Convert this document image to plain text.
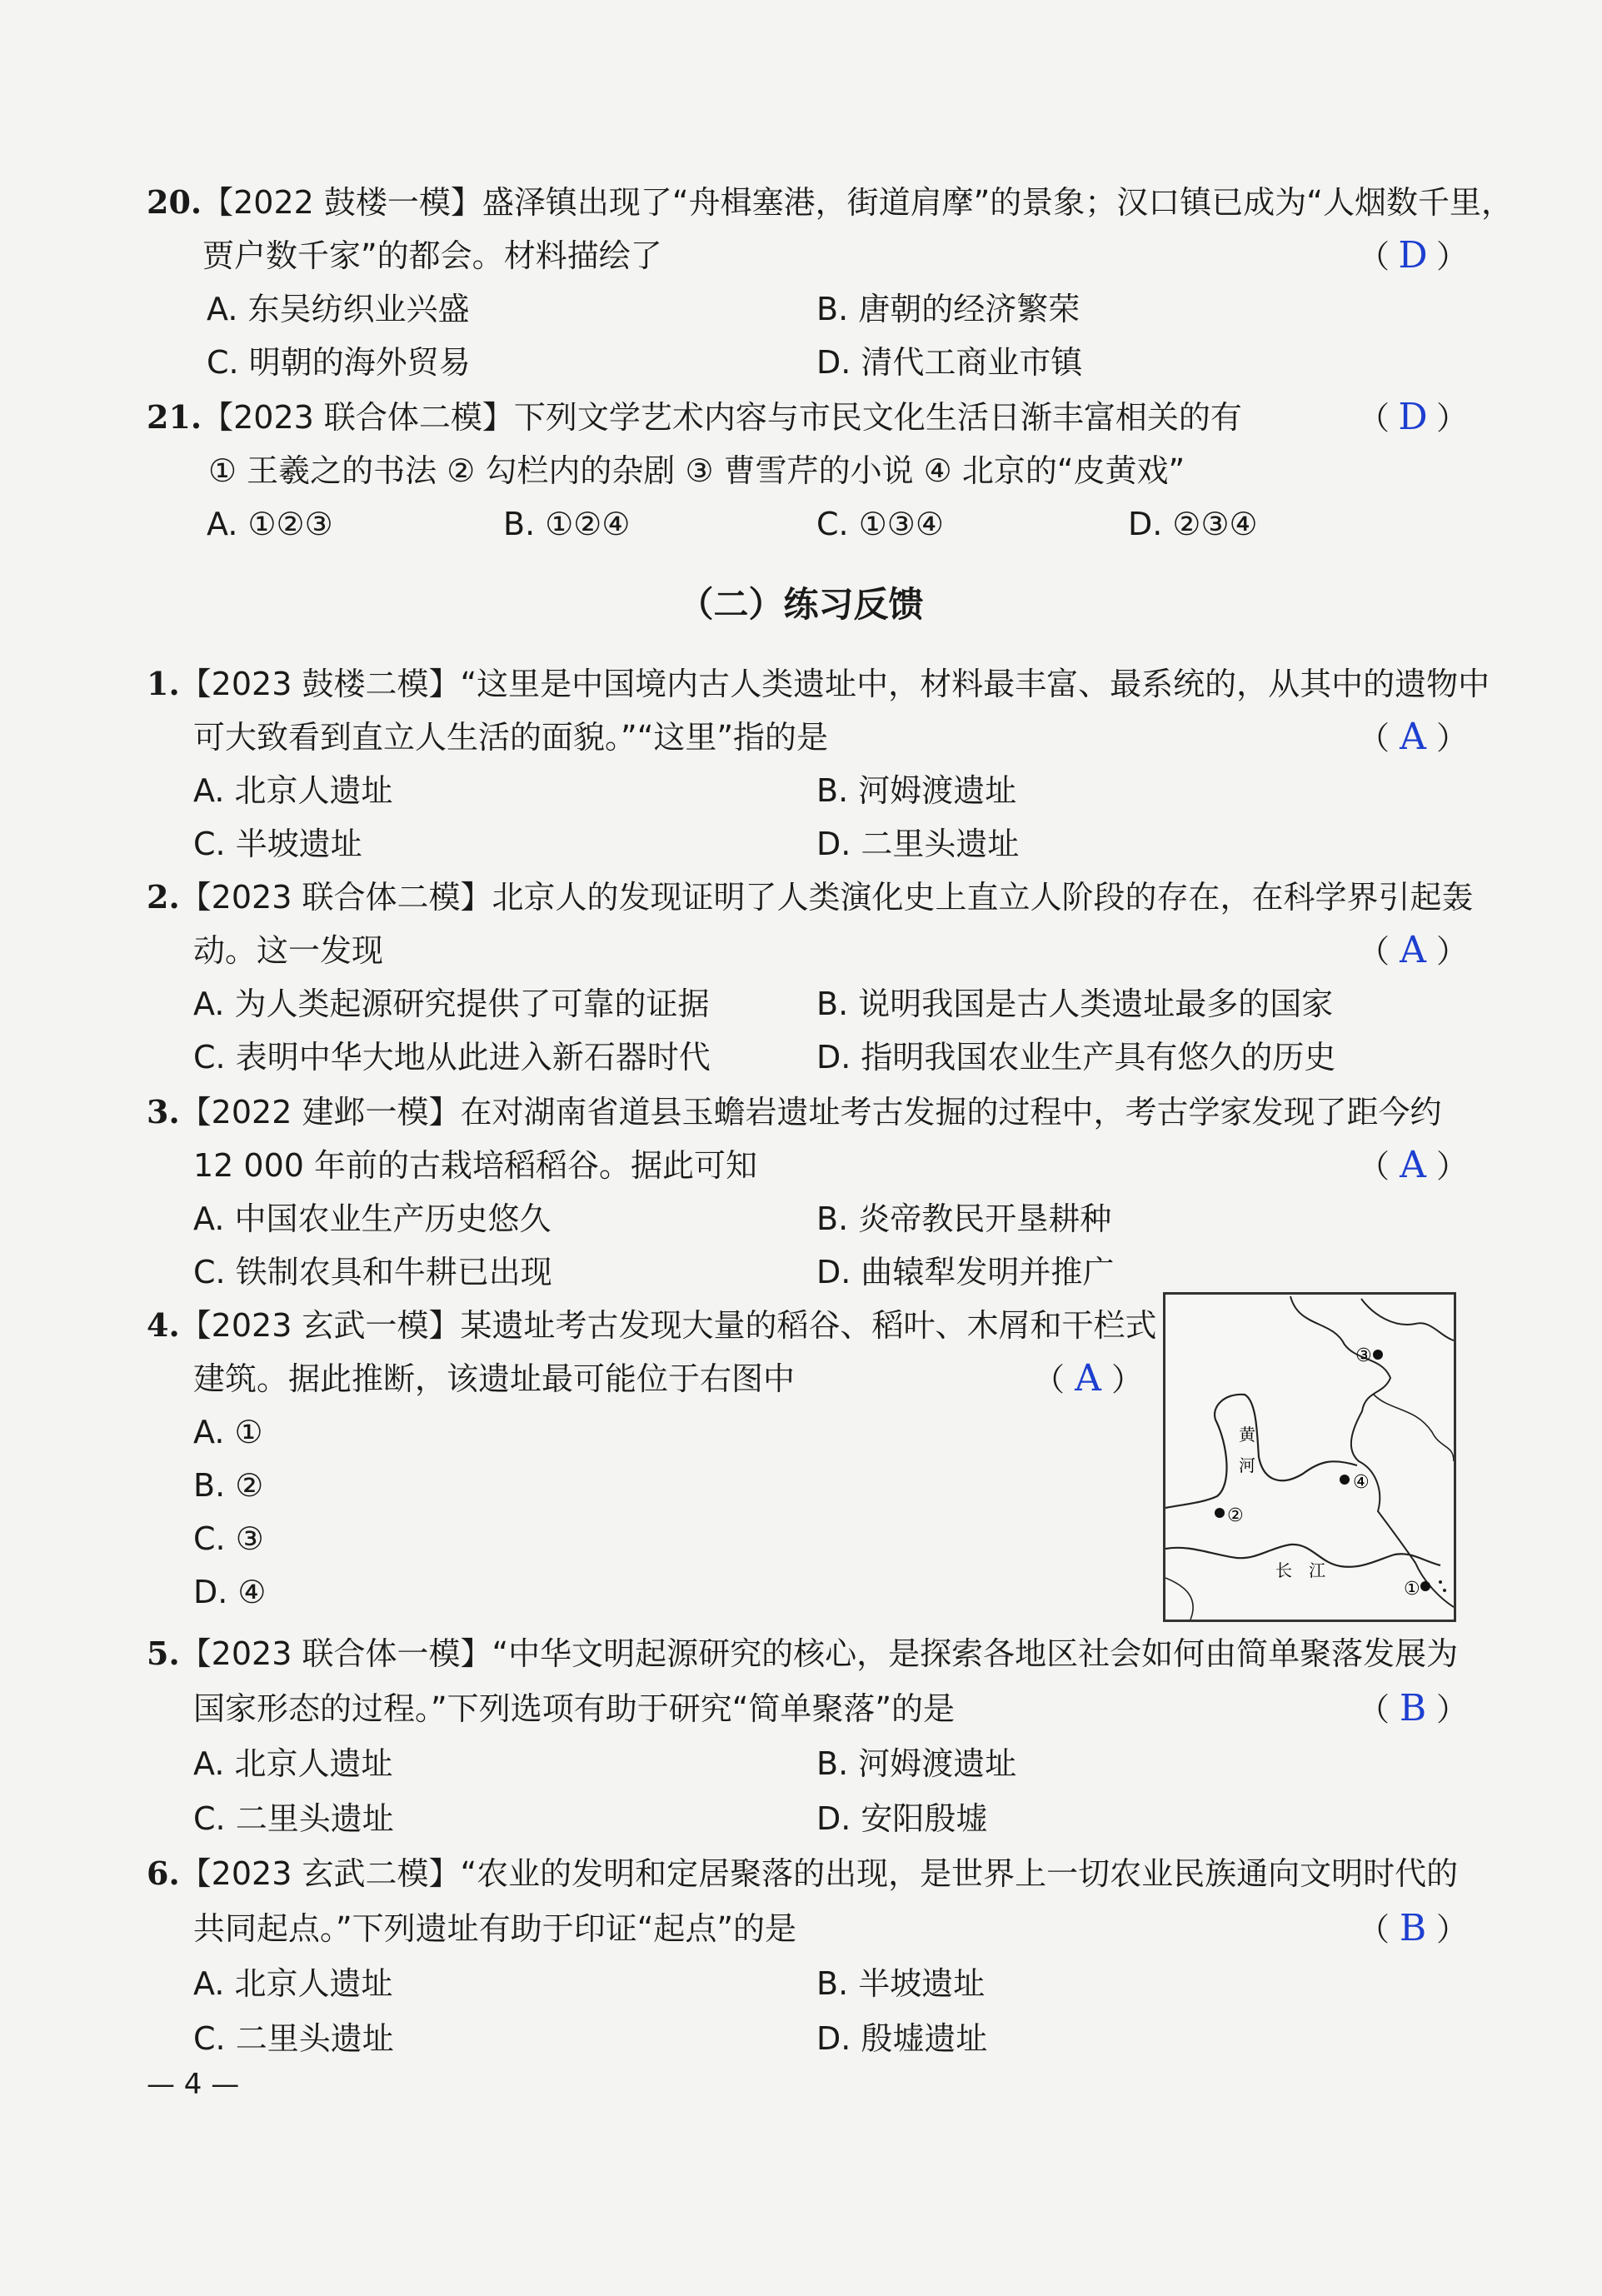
20.【2022 鼓楼一模】盛泽镇出现了“舟楫塞港，街道肩摩”的景象；汉口镇已成为“人烟数千里，
贾户数千家”的都会。材料描绘了	（ D ）
A. 东吴纺织业兴盛	B. 唐朝的经济繁荣
C. 明朝的海外贸易	D. 清代工商业市镇
21.【2023 联合体二模】下列文学艺术内容与市民文化生活日渐丰富相关的有	（ D ）
① 王羲之的书法 ② 勾栏内的杂剧 ③ 曹雪芹的小说 ④ 北京的“皮黄戏”
A. ①②③	B. ①②④	C. ①③④	D. ②③④
（二）练习反馈
1.【2023 鼓楼二模】“这里是中国境内古人类遗址中，材料最丰富、最系统的，从其中的遗物中
可大致看到直立人生活的面貌。”“这里”指的是	（ A ）
A. 北京人遗址	B. 河姆渡遗址
C. 半坡遗址	D. 二里头遗址
2.【2023 联合体二模】北京人的发现证明了人类演化史上直立人阶段的存在，在科学界引起轰
动。这一发现	（ A ）
A. 为人类起源研究提供了可靠的证据	B. 说明我国是古人类遗址最多的国家
C. 表明中华大地从此进入新石器时代	D. 指明我国农业生产具有悠久的历史
3.【2022 建邺一模】在对湖南省道县玉蟾岩遗址考古发掘的过程中，考古学家发现了距今约
12 000 年前的古栽培稻稻谷。据此可知	（ A ）
A. 中国农业生产历史悠久	B. 炎帝教民开垦耕种
C. 铁制农具和牛耕已出现	D. 曲辕犁发明并推广
4.【2023 玄武一模】某遗址考古发现大量的稻谷、稻叶、木屑和干栏式
建筑。据此推断，该遗址最可能位于右图中	（ A ）
A. ①
B. ②
C. ③
D. ④
③
④
②
①
黄
河
长 江
5.【2023 联合体一模】“中华文明起源研究的核心，是探索各地区社会如何由简单聚落发展为
国家形态的过程。”下列选项有助于研究“简单聚落”的是	（ B ）
A. 北京人遗址	B. 河姆渡遗址
C. 二里头遗址	D. 安阳殷墟
6.【2023 玄武二模】“农业的发明和定居聚落的出现，是世界上一切农业民族通向文明时代的
共同起点。”下列遗址有助于印证“起点”的是	（ B ）
A. 北京人遗址	B. 半坡遗址
C. 二里头遗址	D. 殷墟遗址
— 4 —
